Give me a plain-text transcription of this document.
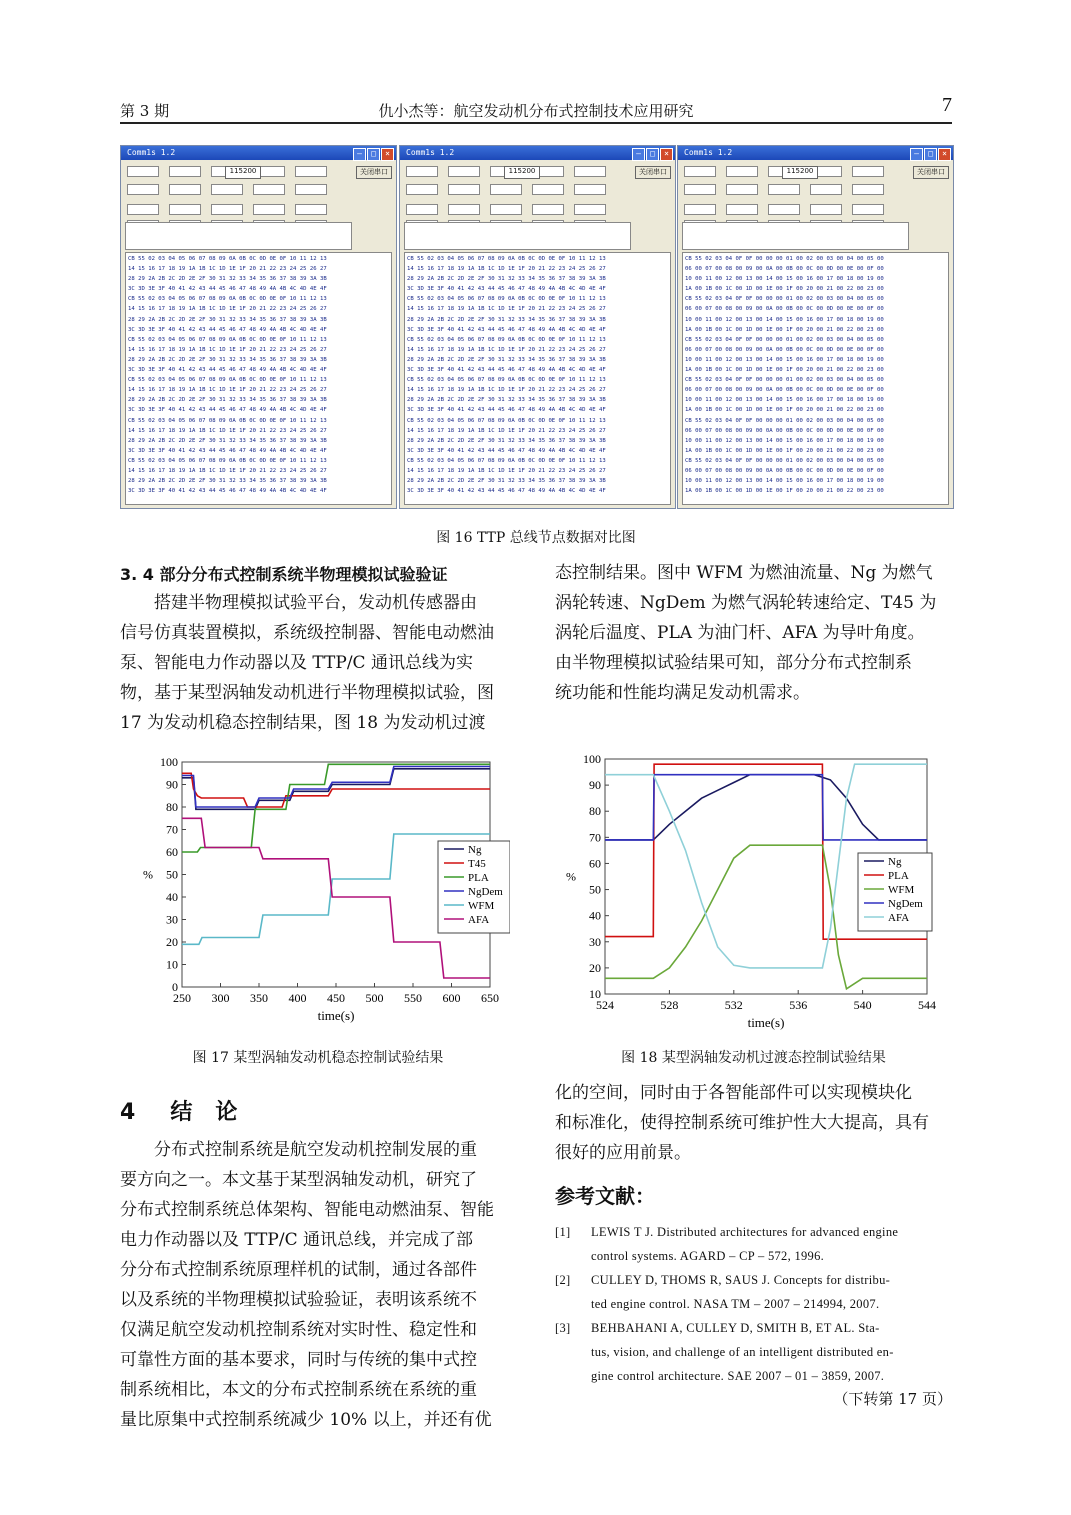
第 3 期	仇小杰等：航空发动机分布式控制技术应用研究	7
Comm1s 1.2	– □ ×
115200	关闭串口
CB 55 02 03 04 05 06 07 08 09 0A 0B 0C 0D 0E 0F 10 11 12 13
14 15 16 17 18 19 1A 1B 1C 1D 1E 1F 20 21 22 23 24 25 26 27
28 29 2A 2B 2C 2D 2E 2F 30 31 32 33 34 35 36 37 38 39 3A 3B
3C 3D 3E 3F 40 41 42 43 44 45 46 47 48 49 4A 4B 4C 4D 4E 4F
CB 55 02 03 04 05 06 07 08 09 0A 0B 0C 0D 0E 0F 10 11 12 13
14 15 16 17 18 19 1A 1B 1C 1D 1E 1F 20 21 22 23 24 25 26 27
28 29 2A 2B 2C 2D 2E 2F 30 31 32 33 34 35 36 37 38 39 3A 3B
3C 3D 3E 3F 40 41 42 43 44 45 46 47 48 49 4A 4B 4C 4D 4E 4F
CB 55 02 03 04 05 06 07 08 09 0A 0B 0C 0D 0E 0F 10 11 12 13
14 15 16 17 18 19 1A 1B 1C 1D 1E 1F 20 21 22 23 24 25 26 27
28 29 2A 2B 2C 2D 2E 2F 30 31 32 33 34 35 36 37 38 39 3A 3B
3C 3D 3E 3F 40 41 42 43 44 45 46 47 48 49 4A 4B 4C 4D 4E 4F
CB 55 02 03 04 05 06 07 08 09 0A 0B 0C 0D 0E 0F 10 11 12 13
14 15 16 17 18 19 1A 1B 1C 1D 1E 1F 20 21 22 23 24 25 26 27
28 29 2A 2B 2C 2D 2E 2F 30 31 32 33 34 35 36 37 38 39 3A 3B
3C 3D 3E 3F 40 41 42 43 44 45 46 47 48 49 4A 4B 4C 4D 4E 4F
CB 55 02 03 04 05 06 07 08 09 0A 0B 0C 0D 0E 0F 10 11 12 13
14 15 16 17 18 19 1A 1B 1C 1D 1E 1F 20 21 22 23 24 25 26 27
28 29 2A 2B 2C 2D 2E 2F 30 31 32 33 34 35 36 37 38 39 3A 3B
3C 3D 3E 3F 40 41 42 43 44 45 46 47 48 49 4A 4B 4C 4D 4E 4F
CB 55 02 03 04 05 06 07 08 09 0A 0B 0C 0D 0E 0F 10 11 12 13
14 15 16 17 18 19 1A 1B 1C 1D 1E 1F 20 21 22 23 24 25 26 27
28 29 2A 2B 2C 2D 2E 2F 30 31 32 33 34 35 36 37 38 39 3A 3B
3C 3D 3E 3F 40 41 42 43 44 45 46 47 48 49 4A 4B 4C 4D 4E 4F
Comm1s 1.2	– □ ×
115200	关闭串口
CB 55 02 03 04 05 06 07 08 09 0A 0B 0C 0D 0E 0F 10 11 12 13
14 15 16 17 18 19 1A 1B 1C 1D 1E 1F 20 21 22 23 24 25 26 27
28 29 2A 2B 2C 2D 2E 2F 30 31 32 33 34 35 36 37 38 39 3A 3B
3C 3D 3E 3F 40 41 42 43 44 45 46 47 48 49 4A 4B 4C 4D 4E 4F
CB 55 02 03 04 05 06 07 08 09 0A 0B 0C 0D 0E 0F 10 11 12 13
14 15 16 17 18 19 1A 1B 1C 1D 1E 1F 20 21 22 23 24 25 26 27
28 29 2A 2B 2C 2D 2E 2F 30 31 32 33 34 35 36 37 38 39 3A 3B
3C 3D 3E 3F 40 41 42 43 44 45 46 47 48 49 4A 4B 4C 4D 4E 4F
CB 55 02 03 04 05 06 07 08 09 0A 0B 0C 0D 0E 0F 10 11 12 13
14 15 16 17 18 19 1A 1B 1C 1D 1E 1F 20 21 22 23 24 25 26 27
28 29 2A 2B 2C 2D 2E 2F 30 31 32 33 34 35 36 37 38 39 3A 3B
3C 3D 3E 3F 40 41 42 43 44 45 46 47 48 49 4A 4B 4C 4D 4E 4F
CB 55 02 03 04 05 06 07 08 09 0A 0B 0C 0D 0E 0F 10 11 12 13
14 15 16 17 18 19 1A 1B 1C 1D 1E 1F 20 21 22 23 24 25 26 27
28 29 2A 2B 2C 2D 2E 2F 30 31 32 33 34 35 36 37 38 39 3A 3B
3C 3D 3E 3F 40 41 42 43 44 45 46 47 48 49 4A 4B 4C 4D 4E 4F
CB 55 02 03 04 05 06 07 08 09 0A 0B 0C 0D 0E 0F 10 11 12 13
14 15 16 17 18 19 1A 1B 1C 1D 1E 1F 20 21 22 23 24 25 26 27
28 29 2A 2B 2C 2D 2E 2F 30 31 32 33 34 35 36 37 38 39 3A 3B
3C 3D 3E 3F 40 41 42 43 44 45 46 47 48 49 4A 4B 4C 4D 4E 4F
CB 55 02 03 04 05 06 07 08 09 0A 0B 0C 0D 0E 0F 10 11 12 13
14 15 16 17 18 19 1A 1B 1C 1D 1E 1F 20 21 22 23 24 25 26 27
28 29 2A 2B 2C 2D 2E 2F 30 31 32 33 34 35 36 37 38 39 3A 3B
3C 3D 3E 3F 40 41 42 43 44 45 46 47 48 49 4A 4B 4C 4D 4E 4F
Comm1s 1.2	– □ ×
115200	关闭串口
CB 55 02 03 04 0F 0F 00 00 00 01 00 02 00 03 00 04 00 05 00
06 00 07 00 08 00 09 00 0A 00 0B 00 0C 00 0D 00 0E 00 0F 00
10 00 11 00 12 00 13 00 14 00 15 00 16 00 17 00 18 00 19 00
1A 00 1B 00 1C 00 1D 00 1E 00 1F 00 20 00 21 00 22 00 23 00
CB 55 02 03 04 0F 0F 00 00 00 01 00 02 00 03 00 04 00 05 00
06 00 07 00 08 00 09 00 0A 00 0B 00 0C 00 0D 00 0E 00 0F 00
10 00 11 00 12 00 13 00 14 00 15 00 16 00 17 00 18 00 19 00
1A 00 1B 00 1C 00 1D 00 1E 00 1F 00 20 00 21 00 22 00 23 00
CB 55 02 03 04 0F 0F 00 00 00 01 00 02 00 03 00 04 00 05 00
06 00 07 00 08 00 09 00 0A 00 0B 00 0C 00 0D 00 0E 00 0F 00
10 00 11 00 12 00 13 00 14 00 15 00 16 00 17 00 18 00 19 00
1A 00 1B 00 1C 00 1D 00 1E 00 1F 00 20 00 21 00 22 00 23 00
CB 55 02 03 04 0F 0F 00 00 00 01 00 02 00 03 00 04 00 05 00
06 00 07 00 08 00 09 00 0A 00 0B 00 0C 00 0D 00 0E 00 0F 00
10 00 11 00 12 00 13 00 14 00 15 00 16 00 17 00 18 00 19 00
1A 00 1B 00 1C 00 1D 00 1E 00 1F 00 20 00 21 00 22 00 23 00
CB 55 02 03 04 0F 0F 00 00 00 01 00 02 00 03 00 04 00 05 00
06 00 07 00 08 00 09 00 0A 00 0B 00 0C 00 0D 00 0E 00 0F 00
10 00 11 00 12 00 13 00 14 00 15 00 16 00 17 00 18 00 19 00
1A 00 1B 00 1C 00 1D 00 1E 00 1F 00 20 00 21 00 22 00 23 00
CB 55 02 03 04 0F 0F 00 00 00 01 00 02 00 03 00 04 00 05 00
06 00 07 00 08 00 09 00 0A 00 0B 00 0C 00 0D 00 0E 00 0F 00
10 00 11 00 12 00 13 00 14 00 15 00 16 00 17 00 18 00 19 00
1A 00 1B 00 1C 00 1D 00 1E 00 1F 00 20 00 21 00 22 00 23 00
图 16 TTP 总线节点数据对比图
3. 4 部分分布式控制系统半物理模拟试验验证

搭建半物理模拟试验平台，发动机传感器由

信号仿真装置模拟，系统级控制器、智能电动燃油

泵、智能电力作动器以及 TTP/C 通讯总线为实

物，基于某型涡轴发动机进行半物理模拟试验，图

17 为发动机稳态控制结果，图 18 为发动机过渡

态控制结果。图中 WFM 为燃油流量、Ng 为燃气

涡轮转速、NgDem 为燃气涡轮转速给定、T45 为

涡轮后温度、PLA 为油门杆、AFA 为导叶角度。

由半物理模拟试验结果可知，部分分布式控制系

统功能和性能均满足发动机需求。

0
10
20
30
40
50
60
70
80
90
100
250 300 350 400 450 500 550 600 650
%
time(s)
Ng
T45
PLA
NgDem
WFM
AFA
图 17 某型涡轴发动机稳态控制试验结果
10
20
30
40
50
60
70
80
90
100
524	528	532	536	540	544
%
time(s)
Ng
PLA
WFM
NgDem
AFA
图 18 某型涡轴发动机过渡态控制试验结果
4 结 论

分布式控制系统是航空发动机控制发展的重

要方向之一。本文基于某型涡轴发动机，研究了

分布式控制系统总体架构、智能电动燃油泵、智能

电力作动器以及 TTP/C 通讯总线，并完成了部

分分布式控制系统原理样机的试制，通过各部件

以及系统的半物理模拟试验验证，表明该系统不

仅满足航空发动机控制系统对实时性、稳定性和

可靠性方面的基本要求，同时与传统的集中式控

制系统相比，本文的分布式控制系统在系统的重

量比原集中式控制系统减少 10% 以上，并还有优

化的空间，同时由于各智能部件可以实现模块化

和标准化，使得控制系统可维护性大大提高，具有

很好的应用前景。

参考文献：
[1] LEWIS T J. Distributed architectures for advanced engine
control systems. AGARD – CP – 572, 1996.
[2] CULLEY D, THOMS R, SAUS J. Concepts for distribu-
ted engine control. NASA TM – 2007 – 214994, 2007.
[3] BEHBAHANI A, CULLEY D, SMITH B, ET AL. Sta-
tus, vision, and challenge of an intelligent distributed en-
gine control architecture. SAE 2007 – 01 – 3859, 2007.
（下转第 17 页）
